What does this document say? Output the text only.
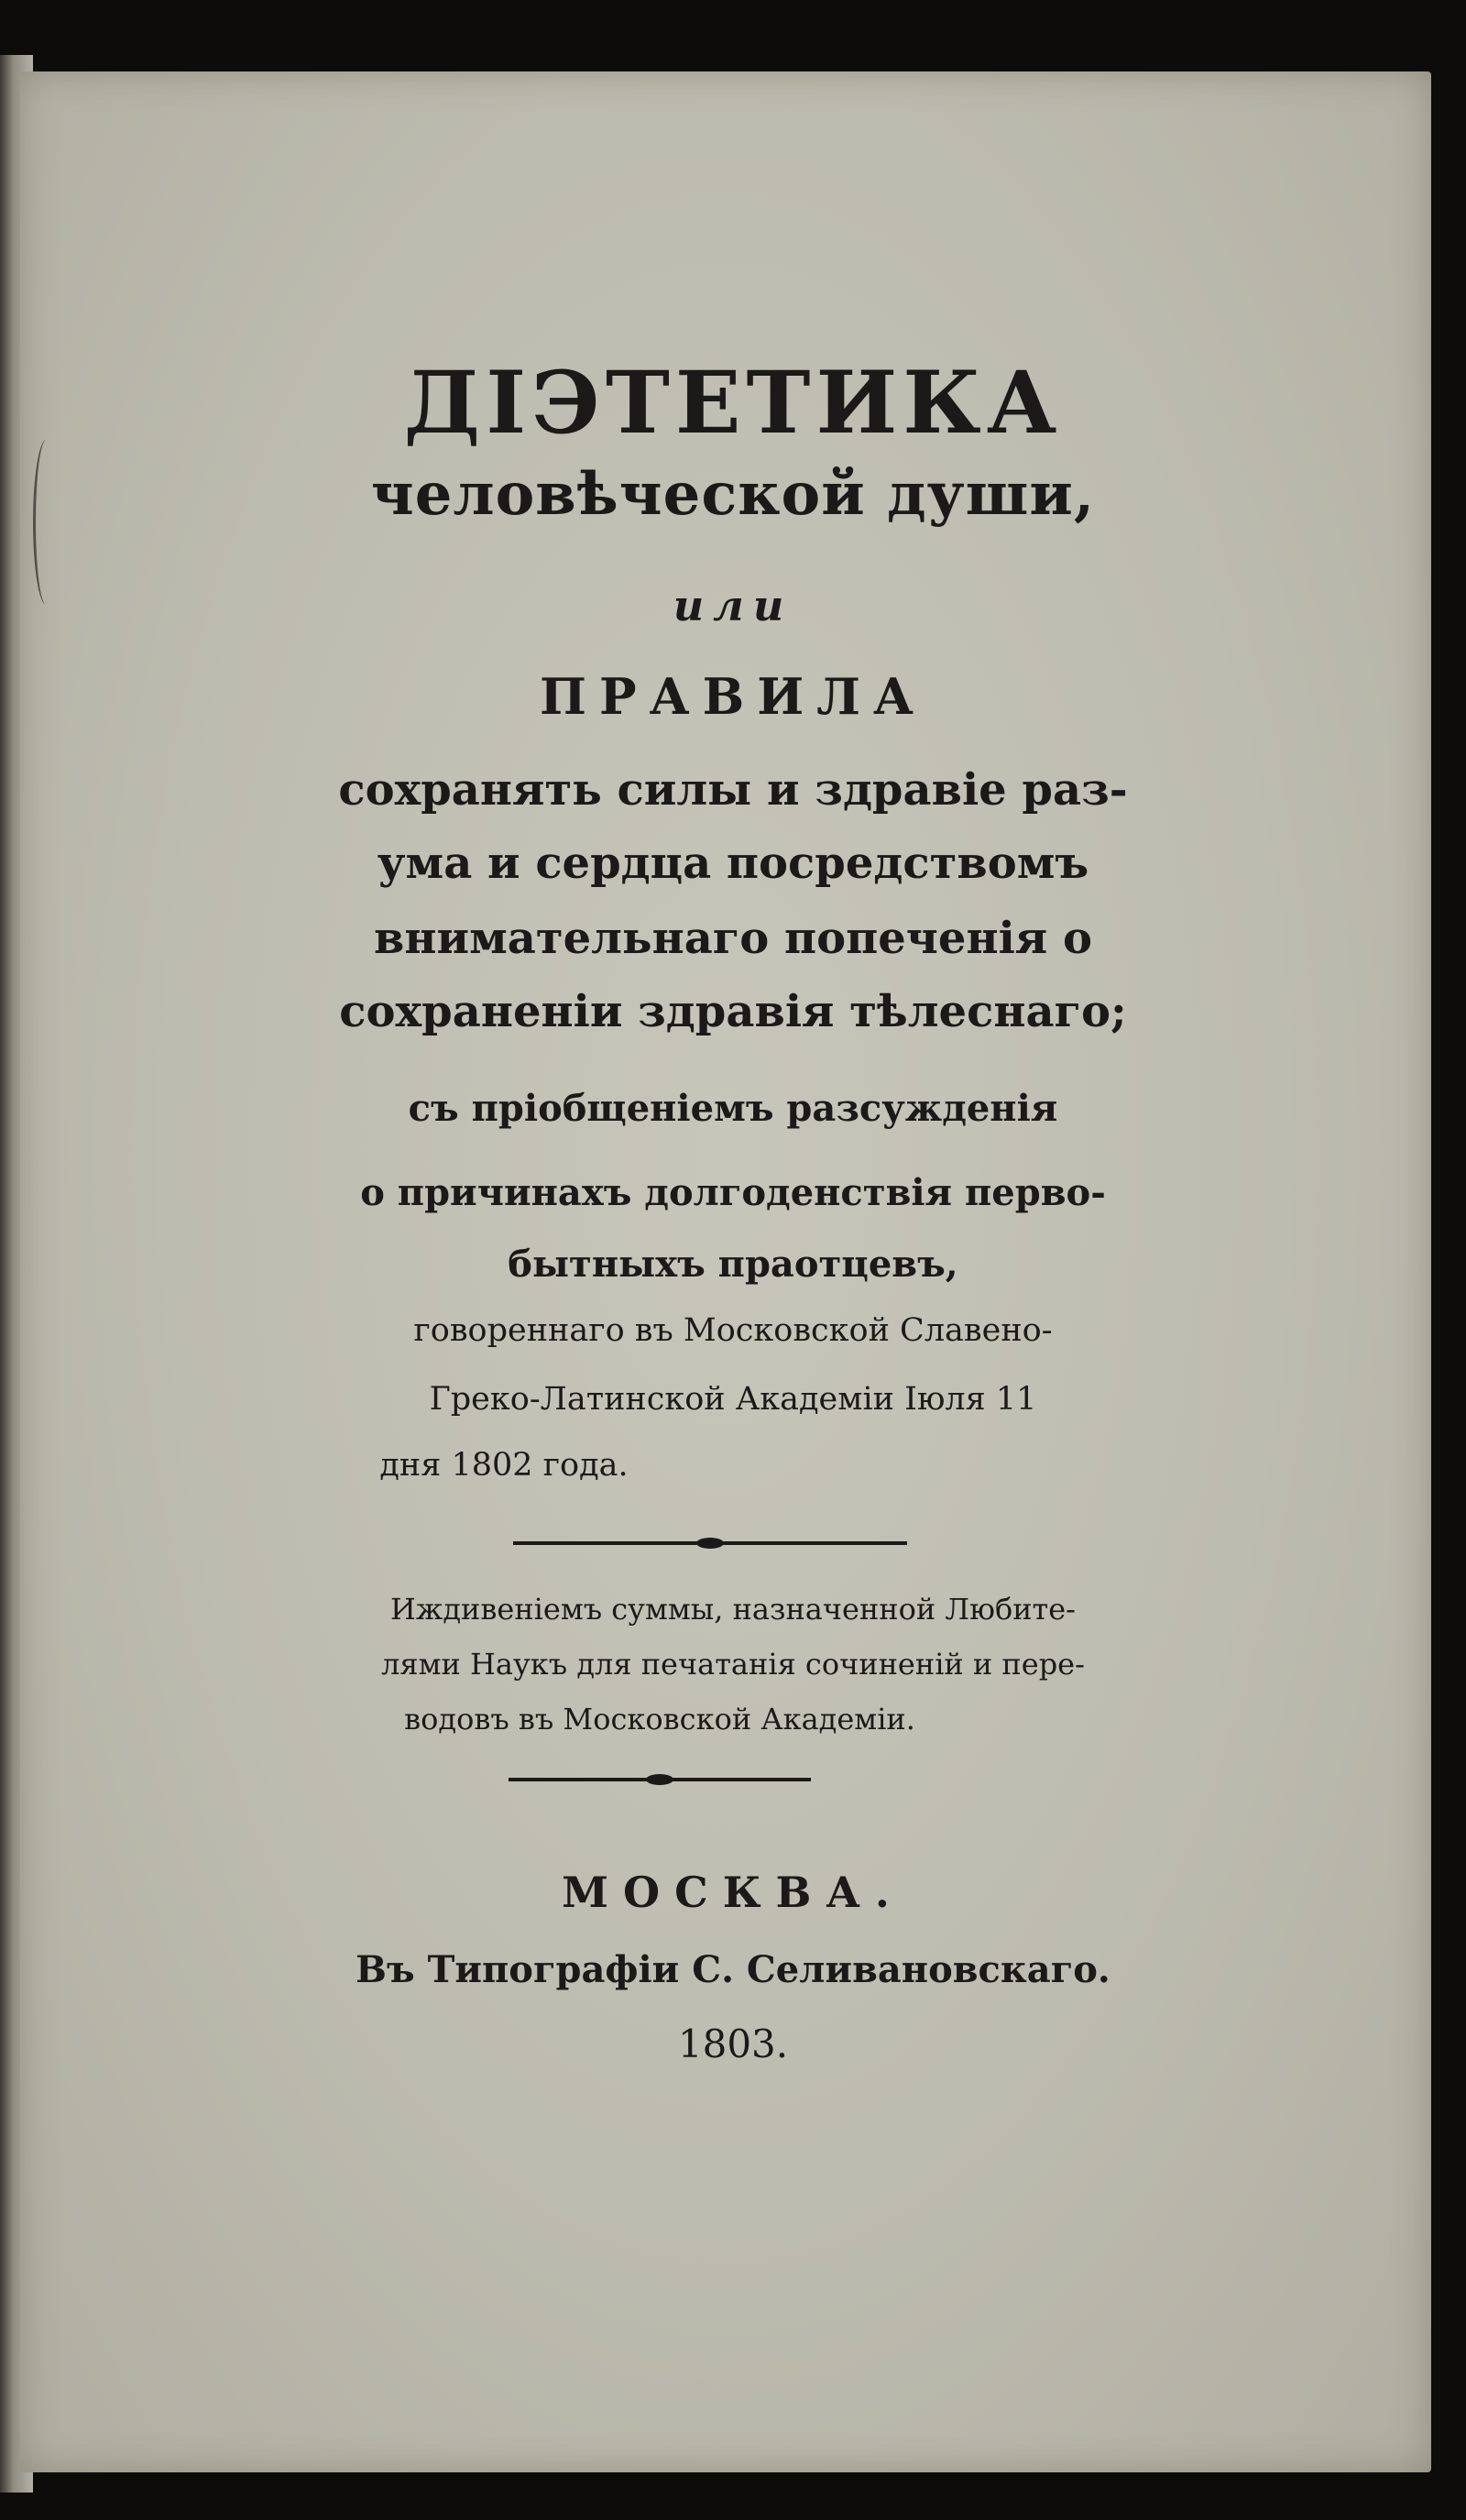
ДІЭТЕТИКА
человѣческой души,
или
ПРАВИЛА
сохранять силы и здравіе раз-
ума и сердца посредствомъ
внимательнаго попеченія о
сохраненіи здравія тѣлеснаго;
съ пріобщеніемъ разсужденія
о причинахъ долгоденствія перво-
бытныхъ праотцевъ,
говореннаго въ Московской Славено-
Греко-Латинской Академіи Іюля 11
дня 1802 года.
Иждивеніемъ суммы, назначенной Любите-
лями Наукъ для печатанія сочиненій и пере-
водовъ въ Московской Академіи.
МОСКВА.
Въ Типографіи С. Селивановскаго.
1803.
